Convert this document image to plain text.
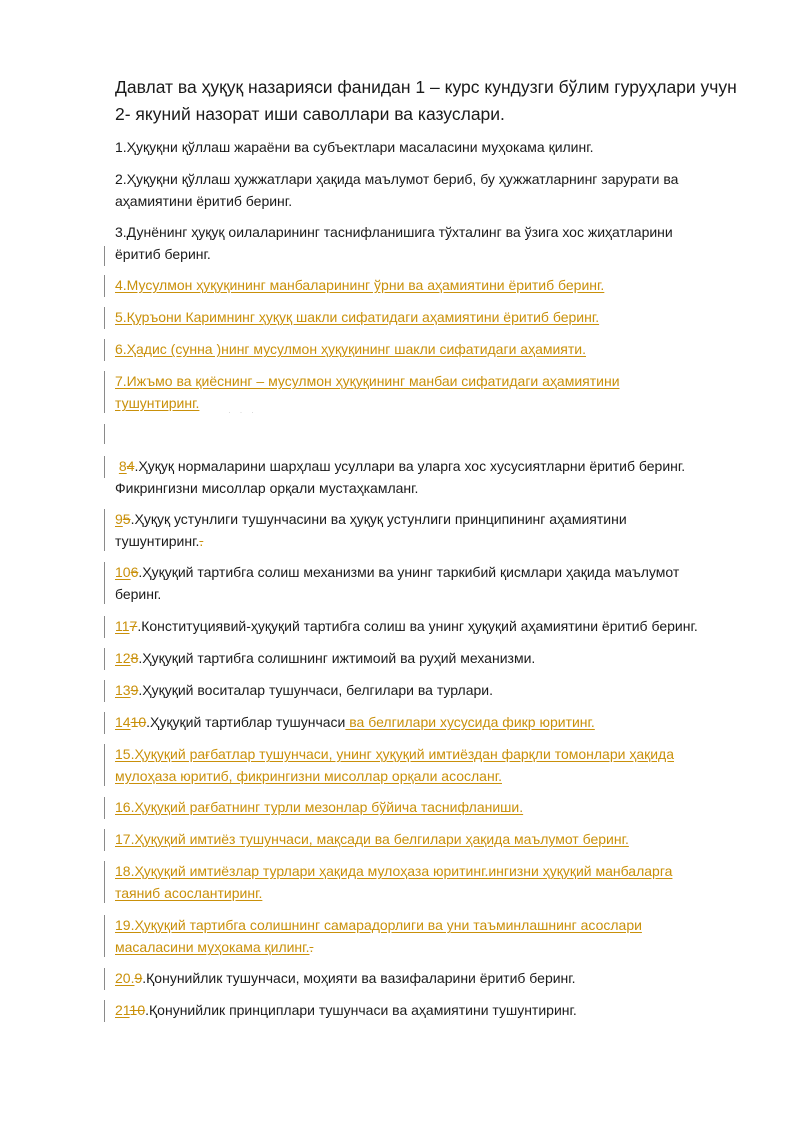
Давлат ва ҳуқуқ назарияси фанидан 1 – курс кундузги бўлим гуруҳлари учун
2- якуний назорат иши саволлари ва казуслари.
1.Ҳуқуқни қўллаш жараёни ва субъектлари масаласини муҳокама қилинг.
2.Ҳуқуқни қўллаш ҳужжатлари ҳақида маълумот бериб, бу ҳужжатларнинг зарурати ва
аҳамиятини ёритиб беринг.
3.Дунёнинг ҳуқуқ оилаларининг таснифланишига тўхталинг ва ўзига хос жиҳатларини
ёритиб беринг.
4.Мусулмон ҳуқуқининг манбаларининг ўрни ва аҳамиятини ёритиб беринг.
5.Қуръони Каримнинг ҳуқуқ шакли сифатидаги аҳамиятини ёритиб беринг.
6.Ҳадис (сунна )нинг мусулмон ҳуқуқининг шакли сифатидаги аҳамияти.
7.Ижъмо ва қиёснинг – мусулмон ҳуқуқининг манбаи сифатидаги аҳамиятини
тушунтиринг.
· · ·
84.Ҳуқуқ нормаларини шарҳлаш усуллари ва уларга хос хусусиятларни ёритиб беринг.
Фикрингизни мисоллар орқали мустаҳкамланг.
95.Ҳуқуқ устунлиги тушунчасини ва ҳуқуқ устунлиги принципининг аҳамиятини
тушунтиринг..
106.Ҳуқуқий тартибга солиш механизми ва унинг таркибий қисмлари ҳақида маълумот
беринг.
117.Конституциявий-ҳуқуқий тартибга солиш ва унинг ҳуқуқий аҳамиятини ёритиб беринг.
128.Ҳуқуқий тартибга солишнинг ижтимоий ва руҳий механизми.
139.Ҳуқуқий воситалар тушунчаси, белгилари ва турлари.
1410.Ҳуқуқий тартиблар тушунчаси ва белгилари хусусида фикр юритинг.
15.Ҳуқуқий рағбатлар тушунчаси, унинг ҳуқуқий имтиёздан фарқли томонлари ҳақида
мулоҳаза юритиб, фикрингизни мисоллар орқали асосланг.
16.Ҳуқуқий рағбатнинг турли мезонлар бўйича таснифланиши.
17.Ҳуқуқий имтиёз тушунчаси, мақсади ва белгилари ҳақида маълумот беринг.
18.Ҳуқуқий имтиёзлар турлари ҳақида мулоҳаза юритинг.ингизни ҳуқуқий манбаларга
таяниб асослантиринг.
19.Ҳуқуқий тартибга солишнинг самарадорлиги ва уни таъминлашнинг асослари
масаласини муҳокама қилинг..
20.9.Қонунийлик тушунчаси, моҳияти ва вазифаларини ёритиб беринг.
2110.Қонунийлик принциплари тушунчаси ва аҳамиятини тушунтиринг.
